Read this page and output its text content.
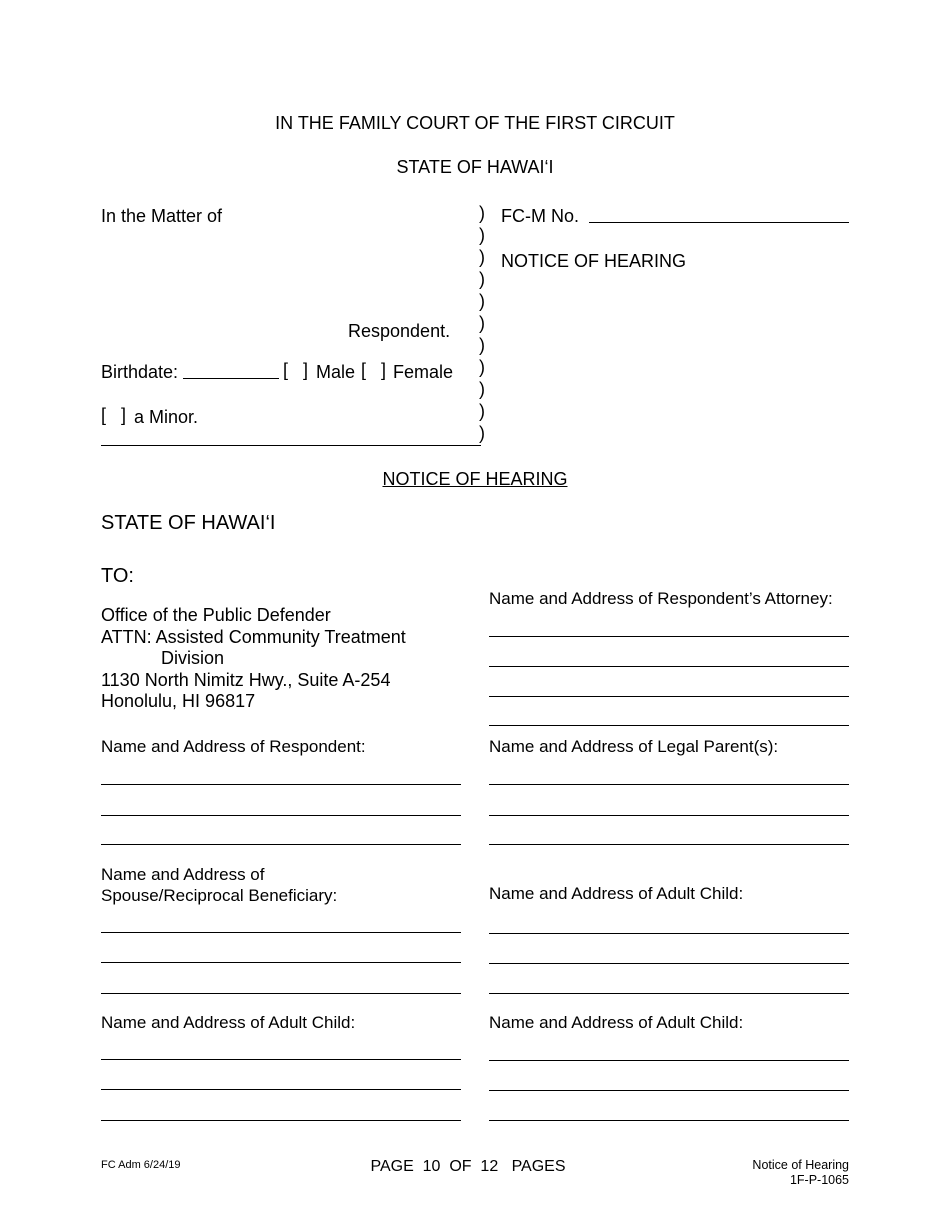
IN THE FAMILY COURT OF THE FIRST CIRCUIT
STATE OF HAWAI‘I
In the Matter of
Respondent.
Birthdate:	[   ] Male [   ] Female
[   ] a Minor.
)
)
)
)
)
)
)
)
)
)
)
FC-M No.
NOTICE OF HEARING
NOTICE OF HEARING
STATE OF HAWAI‘I
TO:
Office of the Public Defender
ATTN: Assisted Community Treatment
Division
1130 North Nimitz Hwy., Suite A-254
Honolulu, HI 96817
Name and Address of Respondent’s Attorney:
Name and Address of Respondent:	Name and Address of Legal Parent(s):
Name and Address of
Spouse/Reciprocal Beneficiary:	Name and Address of Adult Child:
Name and Address of Adult Child:	Name and Address of Adult Child:
FC Adm 6/24/19	PAGE  10  OF  12   PAGES	Notice of Hearing
1F-P-1065
